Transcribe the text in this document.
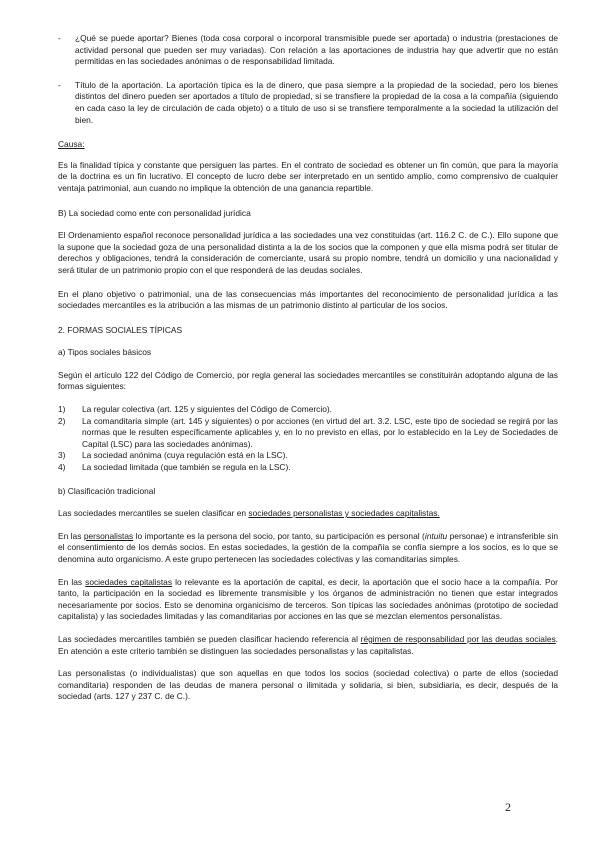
-	¿Qué se puede aportar? Bienes (toda cosa corporal o incorporal transmisible puede ser aportada) o industria (prestaciones de actividad personal que pueden ser muy variadas). Con relación a las aportaciones de industria hay que advertir que no están permitidas en las sociedades anónimas o de responsabilidad limitada.
-	Título de la aportación. La aportación típica es la de dinero, que pasa siempre a la propiedad de la sociedad, pero los bienes distintos del dinero pueden ser aportados a título de propiedad, si se transfiere la propiedad de la cosa a la compañía (siguiendo en cada caso la ley de circulación de cada objeto) o a título de uso si se transfiere temporalmente a la sociedad la utilización del bien.

Causa:

Es la finalidad típica y constante que persiguen las partes. En el contrato de sociedad es obtener un fin común, que para la mayoría de la doctrina es un fin lucrativo. El concepto de lucro debe ser interpretado en un sentido amplio, como comprensivo de cualquier ventaja patrimonial, aun cuando no implique la obtención de una ganancia repartible.

B) La sociedad como ente con personalidad jurídica

El Ordenamiento español reconoce personalidad jurídica a las sociedades una vez constituidas (art. 116.2 C. de C.). Ello supone que la supone que la sociedad goza de una personalidad distinta a la de los socios que la componen y que ella misma podrá ser titular de derechos y obligaciones, tendrá la consideración de comerciante, usará su propio nombre, tendrá un domicilio y una nacionalidad y será titular de un patrimonio propio con el que responderá de las deudas sociales.

En el plano objetivo o patrimonial, una de las consecuencias más importantes del reconocimiento de personalidad jurídica a las sociedades mercantiles es la atribución a las mismas de un patrimonio distinto al particular de los socios.

2. FORMAS SOCIALES TÍPICAS

a) Tipos sociales básicos

Según el artículo 122 del Código de Comercio, por regla general las sociedades mercantiles se constituirán adoptando alguna de las formas siguientes:

1)	La regular colectiva (art. 125 y siguientes del Código de Comercio).
2)	La comanditaria simple (art. 145 y siguientes) o por acciones (en virtud del art. 3.2. LSC, este tipo de sociedad se regirá por las normas que le resulten específicamente aplicables y, en lo no previsto en ellas, por lo establecido en la Ley de Sociedades de Capital (LSC) para las sociedades anónimas).
3)	La sociedad anónima (cuya regulación está en la LSC).
4)	La sociedad limitada (que también se regula en la LSC).

b) Clasificación tradicional

Las sociedades mercantiles se suelen clasificar en sociedades personalistas y sociedades capitalistas.

En las personalistas lo importante es la persona del socio, por tanto, su participación es personal (intuitu personae) e intransferible sin el consentimiento de los demás socios. En estas sociedades, la gestión de la compañía se confía siempre a los socios, es lo que se denomina auto organicismo. A este grupo pertenecen las sociedades colectivas y las comanditarias simples.

En las sociedades capitalistas lo relevante es la aportación de capital, es decir, la aportación que el socio hace a la compañía. Por tanto, la participación en la sociedad es libremente transmisible y los órganos de administración no tienen que estar integrados necesariamente por socios. Esto se denomina organicismo de terceros. Son típicas las sociedades anónimas (prototipo de sociedad capitalista) y las sociedades limitadas y las comanditarias por acciones en las que se mezclan elementos personalistas.

Las sociedades mercantiles también se pueden clasificar haciendo referencia al régimen de responsabilidad por las deudas sociales. En atención a este criterio también se distinguen las sociedades personalistas y las capitalistas.

Las personalistas (o individualistas) que son aquellas en que todos los socios (sociedad colectiva) o parte de ellos (sociedad comanditaria) responden de las deudas de manera personal o ilimitada y solidaria, si bien, subsidiaria, es decir, después de la sociedad (arts. 127 y 237 C. de C.).

2
